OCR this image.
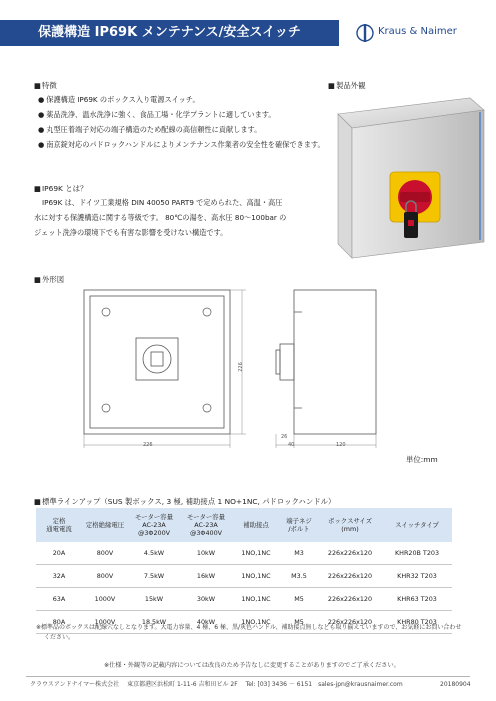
保護構造 IP69K メンテナンス/安全スイッチ	Kraus & Naimer
■ 特徴
● 保護構造 IP69K のボックス入り電源スイッチ。
● 薬品洗浄、温水洗浄に強く、食品工場・化学プラントに適しています。
● 丸型圧着端子対応の端子構造のため配線の高信頼性に貢献します。
● 南京錠対応のパドロックハンドルによりメンテナンス作業者の安全性を確保できます。
■ 製品外観
■ IP69K とは？
IP69K は、ドイツ工業規格 DIN 40050 PART9 で定められた、高温・高圧
水に対する保護構造に関する等級です。 80℃の湯を、高水圧 80～100bar の
ジェット洗浄の環境下でも有害な影響を受けない構造です。
■ 外形図
226
226
26
40	120
単位:mm
■ 標準ラインアップ（SUS 製ボックス, 3 極, 補助接点 1 NO+1NC, パドロックハンドル）
定格
通電電流	定格絶縁電圧	モーター容量
AC-23A
@3Φ200V	モーター容量
AC-23A
@3Φ400V	補助接点	端子ネジ
/ボルト	ボックスサイズ
(mm)	スイッチタイプ
20A	800V	4.5kW	10kW	1NO,1NC	M3	226x226x120	KHR20B T203
32A	800V	7.5kW	16kW	1NO,1NC	M3.5	226x226x120	KHR32 T203
63A	1000V	15kW	30kW	1NO,1NC	M5	226x226x120	KHR63 T203
80A	1000V	18.5kW	40kW	1NO,1NC	M5	226x226x120	KHR80 T203
※標準品のボックスは配線穴なしとなります。大電力容量、4 極、6 極、黒/灰色ハンドル、補助接点無しなども取り揃えていますので、お気軽にお問い合わせ
ください。
※仕様・外観等の記載内容については改良のため予告なしに変更することがありますのでご了承ください。
クラウスアンドナイマー株式会社　 東京都港区浜松町 1-11-6 吉和田ビル 2F　 Tel: [03] 3436 － 6151　sales-jpn@krausnaimer.com	20180904
